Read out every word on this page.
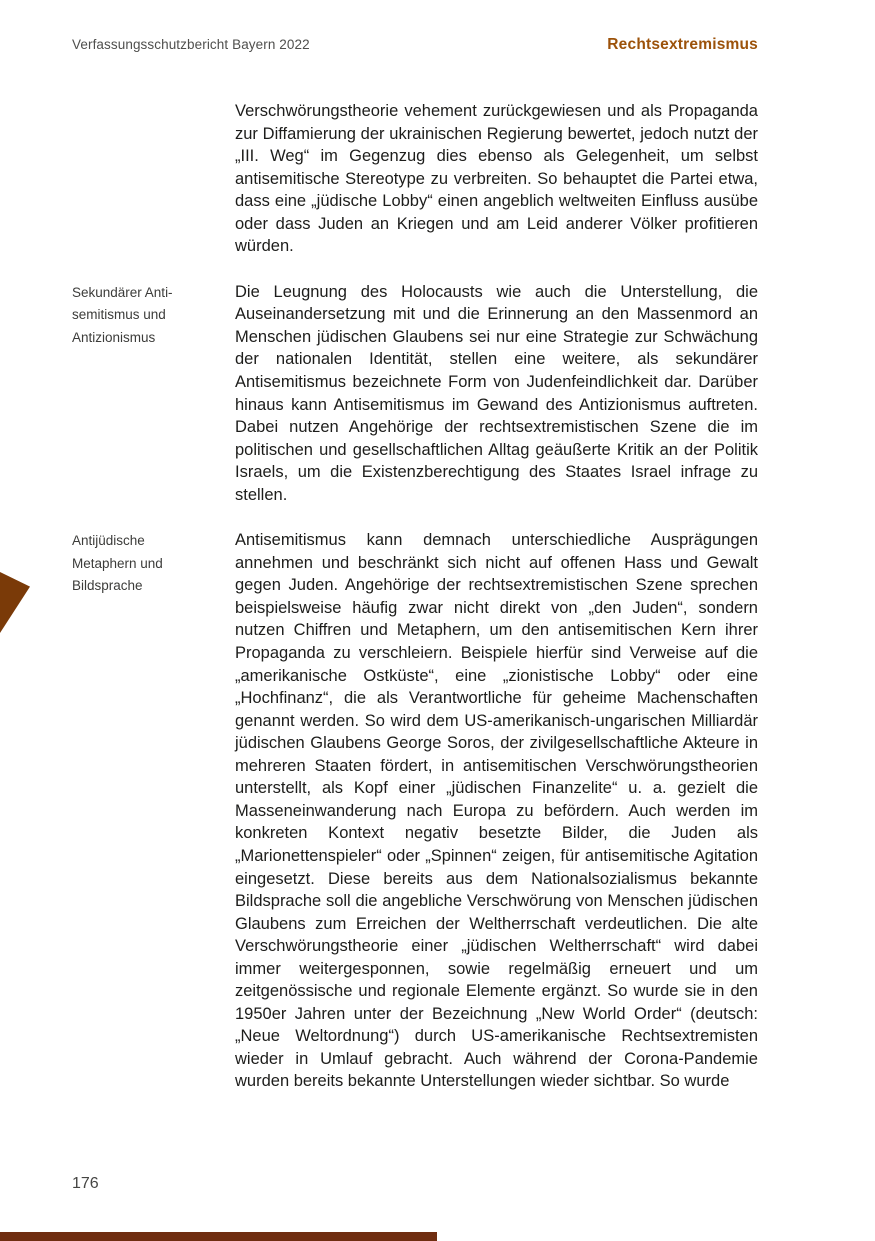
Verfassungsschutzbericht Bayern 2022	Rechtsextremismus
Verschwörungstheorie vehement zurückgewiesen und als Propaganda zur Diffamierung der ukrainischen Regierung bewertet, jedoch nutzt der „III. Weg“ im Gegenzug dies ebenso als Gelegenheit, um selbst antisemitische Stereotype zu verbreiten. So behauptet die Partei etwa, dass eine „jüdische Lobby“ einen angeblich weltweiten Einfluss ausübe oder dass Juden an Kriegen und am Leid anderer Völker profitieren würden.
Sekundärer Anti-
semitismus und
Antizionismus
Die Leugnung des Holocausts wie auch die Unterstellung, die Auseinandersetzung mit und die Erinnerung an den Massenmord an Menschen jüdischen Glaubens sei nur eine Strategie zur Schwächung der nationalen Identität, stellen eine weitere, als sekundärer Antisemitismus bezeichnete Form von Judenfeindlichkeit dar. Darüber hinaus kann Antisemitismus im Gewand des Antizionismus auftreten. Dabei nutzen Angehörige der rechtsextremistischen Szene die im politischen und gesellschaftlichen Alltag geäußerte Kritik an der Politik Israels, um die Existenzberechtigung des Staates Israel infrage zu stellen.
Antijüdische
Metaphern und
Bildsprache
Antisemitismus kann demnach unterschiedliche Ausprägungen annehmen und beschränkt sich nicht auf offenen Hass und Gewalt gegen Juden. Angehörige der rechtsextremistischen Szene sprechen beispielsweise häufig zwar nicht direkt von „den Juden“, sondern nutzen Chiffren und Metaphern, um den antisemitischen Kern ihrer Propaganda zu verschleiern. Beispiele hierfür sind Verweise auf die „amerikanische Ostküste“, eine „zionistische Lobby“ oder eine „Hochfinanz“, die als Verantwortliche für geheime Machenschaften genannt werden. So wird dem US-amerikanisch-ungarischen Milliardär jüdischen Glaubens George Soros, der zivilgesellschaftliche Akteure in mehreren Staaten fördert, in antisemitischen Verschwörungstheorien unterstellt, als Kopf einer „jüdischen Finanzelite“ u. a. gezielt die Masseneinwanderung nach Europa zu befördern. Auch werden im konkreten Kontext negativ besetzte Bilder, die Juden als „Marionettenspieler“ oder „Spinnen“ zeigen, für antisemitische Agitation eingesetzt. Diese bereits aus dem Nationalsozialismus bekannte Bildsprache soll die angebliche Verschwörung von Menschen jüdischen Glaubens zum Erreichen der Weltherrschaft verdeutlichen. Die alte Verschwörungstheorie einer „jüdischen Weltherrschaft“ wird dabei immer weitergesponnen, sowie regelmäßig erneuert und um zeitgenössische und regionale Elemente ergänzt. So wurde sie in den 1950er Jahren unter der Bezeichnung „New World Order“ (deutsch: „Neue Weltordnung“) durch US-amerikanische Rechtsextremisten wieder in Umlauf gebracht. Auch während der Corona-Pandemie wurden bereits bekannte Unterstellungen wieder sichtbar. So wurde
176
